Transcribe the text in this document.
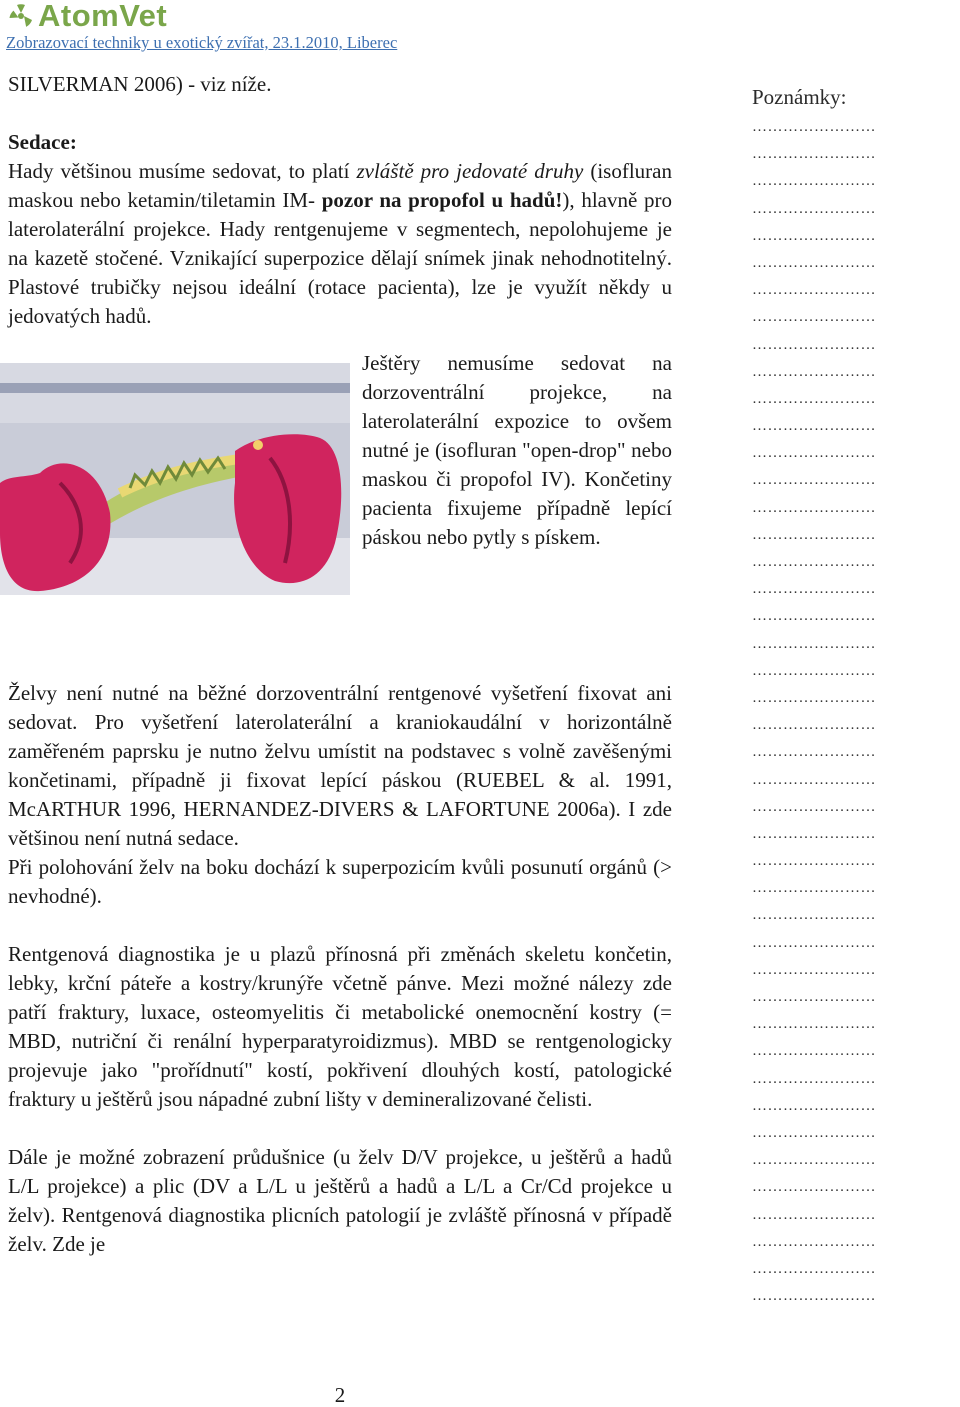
AtomVet
Zobrazovací techniky u exotický zvířat, 23.1.2010, Liberec

SILVERMAN 2006) - viz níže.

Sedace:

Hady většinou musíme sedovat, to platí zvláště pro jedovaté druhy (isofluran maskou nebo ketamin/tiletamin IM- pozor na propofol u hadů!), hlavně pro laterolaterální projekce. Hady rentgenujeme v segmentech, nepolohujeme je na kazetě stočené. Vznikající superpozice dělají snímek jinak nehodnotitelný. Plastové trubičky nejsou ideální (rotace pacienta), lze je využít někdy u jedovatých hadů.

Ještěry nemusíme sedovat na dorzoventrální projekce, na laterolaterální expozice to ovšem nutné je (isofluran "open-drop" nebo maskou či propofol IV). Končetiny pacienta fixujeme případně lepící páskou nebo pytly s pískem.

Želvy není nutné na běžné dorzoventrální rentgenové vyšetření fixovat ani sedovat. Pro vyšetření laterolaterální a kraniokaudální v horizontálně zaměřeném paprsku je nutno želvu umístit na podstavec s volně zavěšenými končetinami, případně ji fixovat lepící páskou (RUEBEL & al. 1991, McARTHUR 1996, HERNANDEZ-DIVERS & LAFORTUNE 2006a). I zde většinou není nutná sedace.

Při polohování želv na boku dochází k superpozicím kvůli posunutí orgánů (> nevhodné).

Rentgenová diagnostika je u plazů přínosná při změnách skeletu končetin, lebky, krční páteře a kostry/krunýře včetně pánve. Mezi možné nálezy zde patří fraktury, luxace, osteomyelitis či metabolické onemocnění kostry (= MBD, nutriční či renální hyperparatyroidizmus). MBD se rentgenologicky projevuje jako "prořídnutí" kostí, pokřivení dlouhých kostí, patologické fraktury u ještěrů jsou nápadné zubní lišty v demineralizované čelisti.

Dále je možné zobrazení průdušnice (u želv D/V projekce, u ještěrů a hadů L/L projekce) a plic (DV a L/L u ještěrů a hadů a L/L a Cr/Cd projekce u želv). Rentgenová diagnostika plicních patologií je zvláště přínosná v případě želv. Zde je

Poznámky:
……………………
……………………
……………………
……………………
……………………
……………………
……………………
……………………
……………………
……………………
……………………
……………………
……………………
……………………
……………………
……………………
……………………
……………………
……………………
……………………
……………………
……………………
……………………
……………………
……………………
……………………
……………………
……………………
……………………
……………………
……………………
……………………
……………………
……………………
……………………
……………………
……………………
……………………
……………………
……………………
……………………
……………………
……………………
……………………
2
